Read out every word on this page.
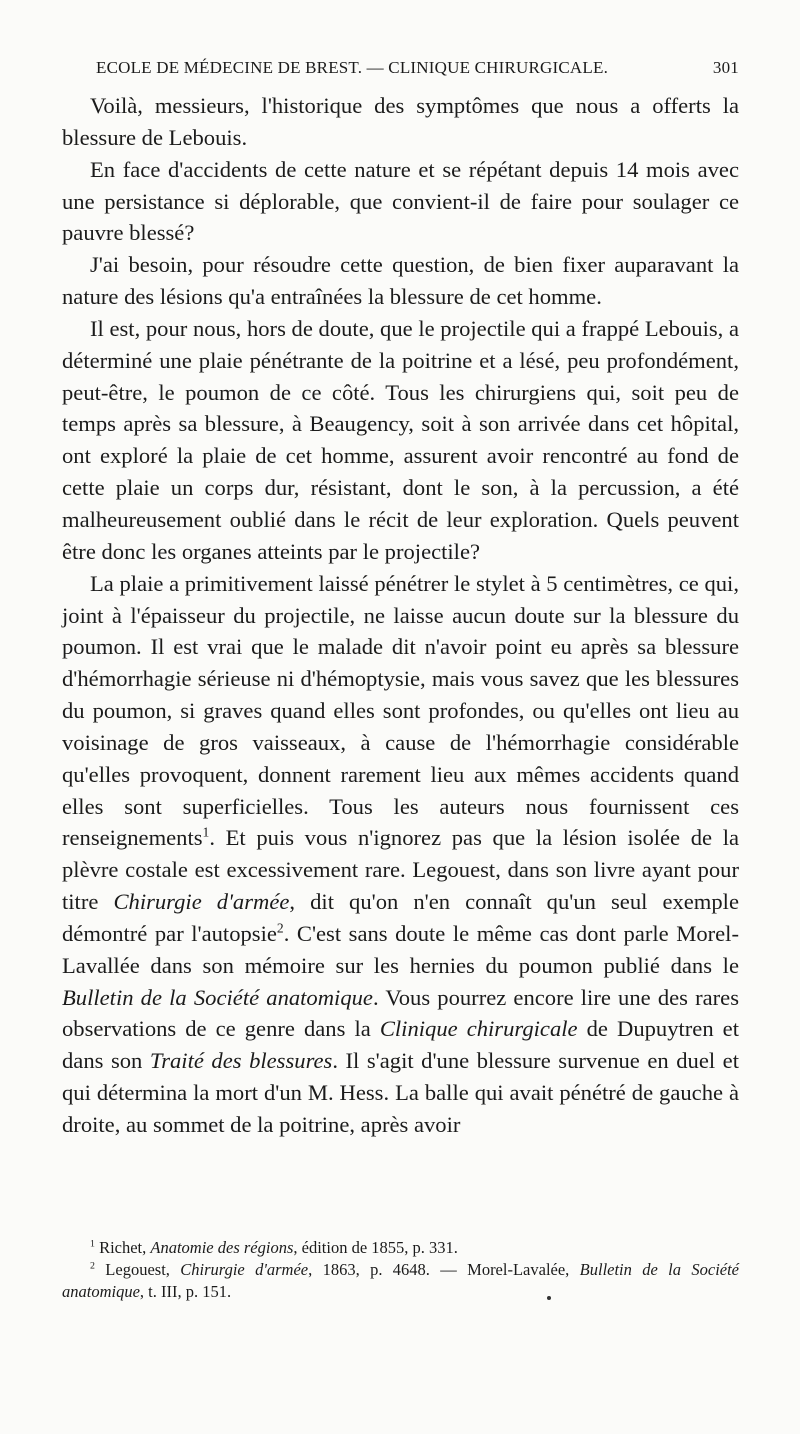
ECOLE DE MÉDECINE DE BREST. — CLINIQUE CHIRURGICALE.	301

Voilà, messieurs, l'historique des symptômes que nous a offerts la blessure de Lebouis.

En face d'accidents de cette nature et se répétant depuis 14 mois avec une persistance si déplorable, que convient-il de faire pour soulager ce pauvre blessé?

J'ai besoin, pour résoudre cette question, de bien fixer auparavant la nature des lésions qu'a entraînées la blessure de cet homme.

Il est, pour nous, hors de doute, que le projectile qui a frappé Lebouis, a déterminé une plaie pénétrante de la poitrine et a lésé, peu profondément, peut-être, le poumon de ce côté. Tous les chirurgiens qui, soit peu de temps après sa blessure, à Beaugency, soit à son arrivée dans cet hôpital, ont exploré la plaie de cet homme, assurent avoir rencontré au fond de cette plaie un corps dur, résistant, dont le son, à la percussion, a été malheureusement oublié dans le récit de leur exploration. Quels peuvent être donc les organes atteints par le projectile?

La plaie a primitivement laissé pénétrer le stylet à 5 centimètres, ce qui, joint à l'épaisseur du projectile, ne laisse aucun doute sur la blessure du poumon. Il est vrai que le malade dit n'avoir point eu après sa blessure d'hémorrhagie sérieuse ni d'hémoptysie, mais vous savez que les blessures du poumon, si graves quand elles sont profondes, ou qu'elles ont lieu au voisinage de gros vaisseaux, à cause de l'hémorrhagie considérable qu'elles provoquent, donnent rarement lieu aux mêmes accidents quand elles sont superficielles. Tous les auteurs nous fournissent ces renseignements$^1$. Et puis vous n'ignorez pas que la lésion isolée de la plèvre costale est excessivement rare. Legouest, dans son livre ayant pour titre Chirurgie d'armée, dit qu'on n'en connaît qu'un seul exemple démontré par l'autopsie$^2$. C'est sans doute le même cas dont parle Morel-Lavallée dans son mémoire sur les hernies du poumon publié dans le Bulletin de la Société anatomique. Vous pourrez encore lire une des rares observations de ce genre dans la Clinique chirurgicale de Dupuytren et dans son Traité des blessures. Il s'agit d'une blessure survenue en duel et qui détermina la mort d'un M. Hess. La balle qui avait pénétré de gauche à droite, au sommet de la poitrine, après avoir

$^1$ Richet, Anatomie des régions, édition de 1855, p. 331.

$^2$ Legouest, Chirurgie d'armée, 1863, p. 4648. — Morel-Lavalée, Bulletin de la Société anatomique, t. III, p. 151.
